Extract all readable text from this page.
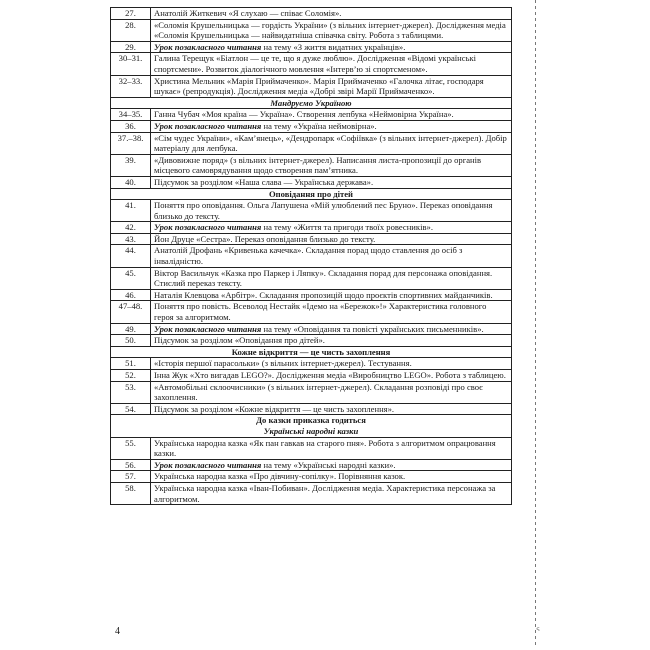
27.	Анатолій Житкевич «Я слухаю — співає Соломія».
28.	«Соломія Крушельницька — гордість України» (з вільних інтернет-джерел). Дослідження медіа «Соломія Крушельницька — найвидатніша співачка світу. Робота з таблицями.
29.	Урок позакласного читання на тему «З життя видатних українців».
30–31.	Галина Терещук «Біатлон — це те, що я дуже люблю». Дослідження «Відомі українські спортсмени». Розвиток діалогічного мовлення «Інтерв’ю зі спортсменом».
32–33.	Христина Мельник «Марія Приймаченко». Марія Приймаченко «Галочка літає, господаря шукає» (репродукція). Дослідження медіа «Добрі звірі Марії Приймаченко».

Мандруємо Україною	

34–35.	Ганна Чубач «Моя країна — Україна». Створення лепбука «Неймовірна Україна».
36.	Урок позакласного читання на тему «Україна неймовірна».
37.–38.	«Сім чудес України», «Кам’янець», «Дендропарк «Софіївка» (з вільних інтернет-джерел). Добір матеріалу для лепбука.
39.	«Дивовижне поряд» (з вільних інтернет-джерел). Написання листа-пропозиції до органів місцевого самоврядування щодо створення пам’ятника.
40.	Підсумок за розділом «Наша слава — Українська держава».

Оповідання про дітей	

41.	Поняття про оповідання. Ольга Лапушена «Мій улюблений пес Бруно». Переказ оповідання близько до тексту.
42.	Урок позакласного читання на тему «Життя та пригоди твоїх ровесників».
43.	Йон Друце «Сестра». Переказ оповідання близько до тексту.
44.	Анатолій Дрофань «Кривенька качечка». Складання порад щодо ставлення до осіб з інвалідністю.
45.	Віктор Васильчук «Казка про Паркер і Ляпку». Складання порад для персонажа оповідання. Стислий переказ тексту.
46.	Наталія Клевцова «Арбітр». Складання пропозицій щодо проєктів спортивних майданчиків.
47–48.	Поняття про повість. Всеволод Нестайк «Ідемо на «Бережок»!» Характеристика головного героя за алгоритмом.
49.	Урок позакласного читання на тему «Оповідання та повісті українських письменників».
50.	Підсумок за розділом «Оповідання про дітей».

Кожне відкриття — це чисть захоплення	

51.	«Історія першої парасольки» (з вільних інтернет-джерел). Тестування.
52.	Інна Жук «Хто вигадав LEGO?». Дослідження медіа «Виробництво LEGO». Робота з таблицею.
53.	«Автомобільні склоочисники» (з вільних інтернет-джерел). Складання розповіді про своє захоплення.
54.	Підсумок за розділом «Кожне відкриття — це чисть захоплення».

До казки приказка годиться
Українські народні казки	

55.	Українська народна казка «Як пан гавкав на старого пня». Робота з алгоритмом опрацювання казки.
56.	Урок позакласного читання на тему «Українські народні казки».
57.	Українська народна казка «Про дівчину-сопілку». Порівняння казок.
58.	Українська народна казка «Іван-Побиван». Дослідження медіа. Характеристика персонажа за алгоритмом.
4	ᕐ
